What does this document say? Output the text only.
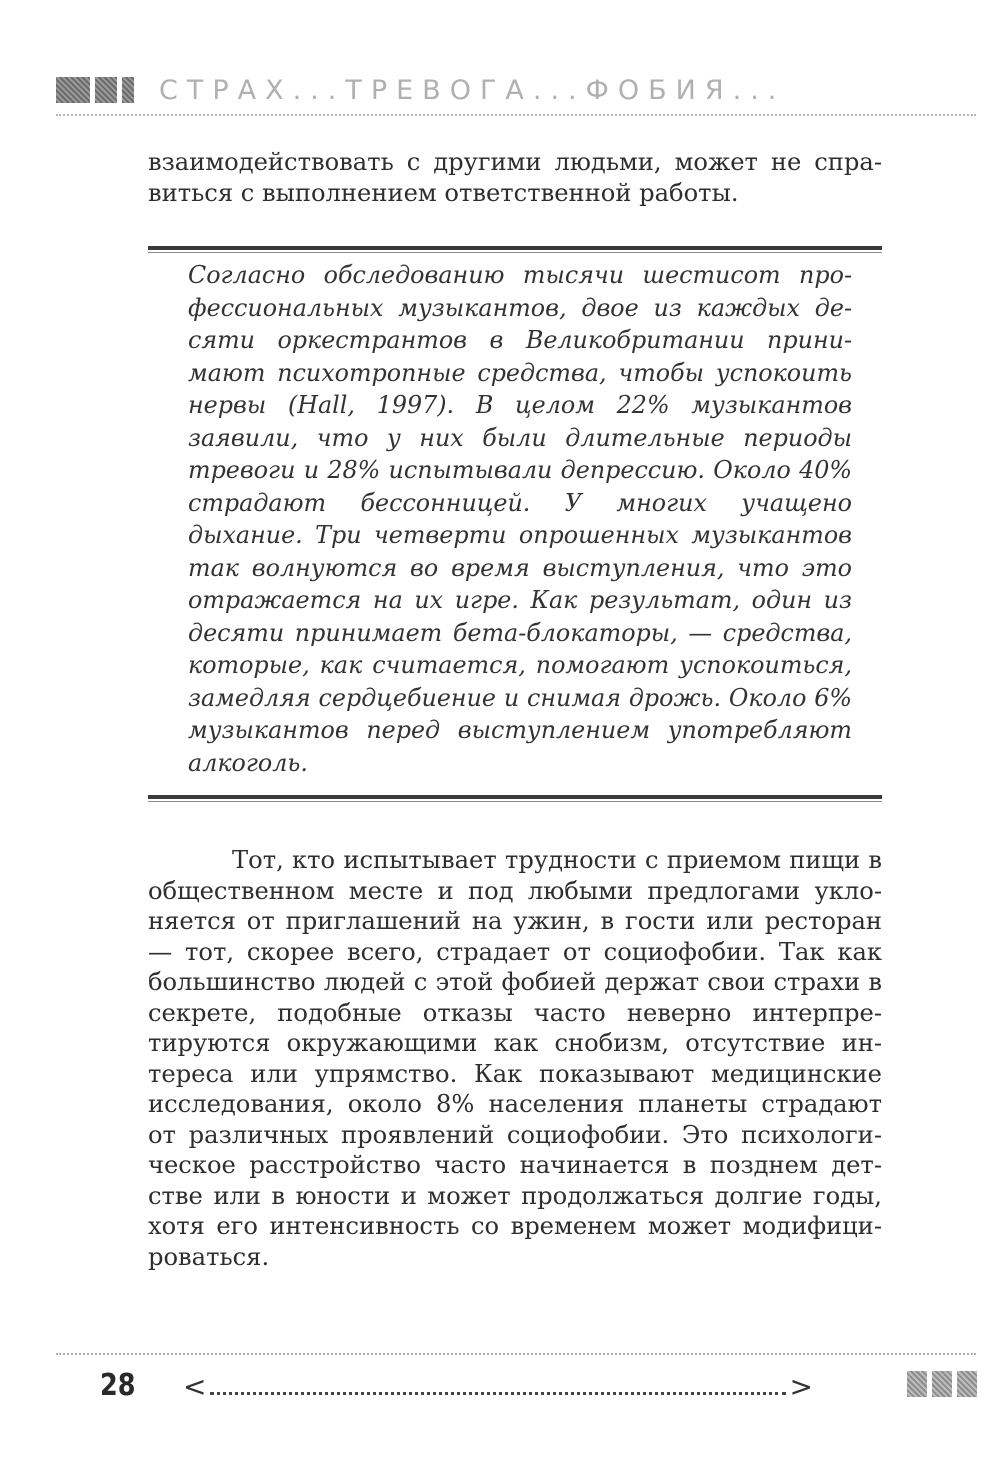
СТРАХ...ТРЕВОГА...ФОБИЯ...

взаимодействовать с другими людьми, может не справиться с выполнением ответственной работы.

Согласно обследованию тысячи шестисот профессиональных музыкантов, двое из каждых десяти оркестрантов в Великобритании принимают психотропные средства, чтобы успокоить нервы (Hall, 1997). В целом 22% музыкантов заявили, что у них были длительные периоды тревоги и 28% испытывали депрессию. Около 40% страдают бессонницей. У многих учащено дыхание. Три четверти опрошенных музыкантов так волнуются во время выступления, что это отражается на их игре. Как результат, один из десяти принимает бета-блокаторы, — средства, которые, как считается, помогают успокоиться, замедляя сердцебиение и снимая дрожь. Около 6% музыкантов перед выступлением употребляют алкоголь.

Тот, кто испытывает трудности с приемом пищи в общественном месте и под любыми предлогами уклоняется от приглашений на ужин, в гости или ресторан — тот, скорее всего, страдает от социофобии. Так как большинство людей с этой фобией держат свои страхи в секрете, подобные отказы часто неверно интерпретируются окружающими как снобизм, отсутствие интереса или упрямство. Как показывают медицинские исследования, около 8% населения планеты страдают от различных проявлений социофобии. Это психологическое расстройство часто начинается в позднем детстве или в юности и может продолжаться долгие годы, хотя его интенсивность со временем может модифицироваться.

28 <	>
